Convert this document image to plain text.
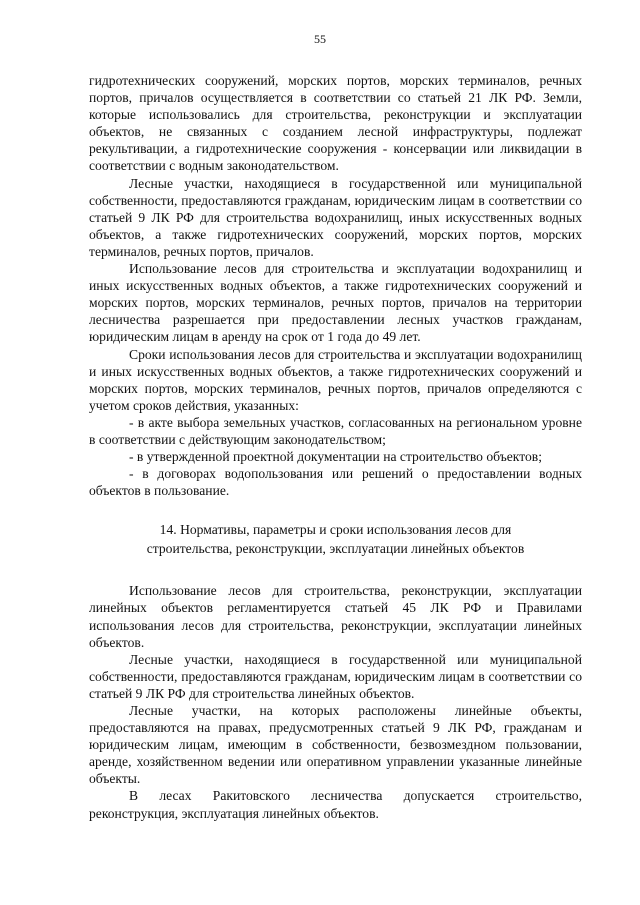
55

гидротехнических сооружений, морских портов, морских терминалов, речных портов, причалов осуществляется в соответствии со статьей 21 ЛК РФ. Земли, которые использовались для строительства, реконструкции и эксплуатации объектов, не связанных с созданием лесной инфраструктуры, подлежат рекультивации, а гидротехнические сооружения - консервации или ликвидации в соответствии с водным законодательством.

Лесные участки, находящиеся в государственной или муниципальной собственности, предоставляются гражданам, юридическим лицам в соответствии со статьей 9 ЛК РФ для строительства водохранилищ, иных искусственных водных объектов, а также гидротехнических сооружений, морских портов, морских терминалов, речных портов, причалов.

Использование лесов для строительства и эксплуатации водохранилищ и иных искусственных водных объектов, а также гидротехнических сооружений и морских портов, морских терминалов, речных портов, причалов на территории лесничества разрешается при предоставлении лесных участков гражданам, юридическим лицам в аренду на срок от 1 года до 49 лет.

Сроки использования лесов для строительства и эксплуатации водохранилищ и иных искусственных водных объектов, а также гидротехнических сооружений и морских портов, морских терминалов, речных портов, причалов определяются с учетом сроков действия, указанных:

- в акте выбора земельных участков, согласованных на региональном уровне в соответствии с действующим законодательством;

- в утвержденной проектной документации на строительство объектов;

- в договорах водопользования или решений о предоставлении водных объектов в пользование.

14. Нормативы, параметры и сроки использования лесов для
строительства, реконструкции, эксплуатации линейных объектов

Использование лесов для строительства, реконструкции, эксплуатации линейных объектов регламентируется статьей 45 ЛК РФ и Правилами использования лесов для строительства, реконструкции, эксплуатации линейных объектов.

Лесные участки, находящиеся в государственной или муниципальной собственности, предоставляются гражданам, юридическим лицам в соответствии со статьей 9 ЛК РФ для строительства линейных объектов.

Лесные участки, на которых расположены линейные объекты, предоставляются на правах, предусмотренных статьей 9 ЛК РФ, гражданам и юридическим лицам, имеющим в собственности, безвозмездном пользовании, аренде, хозяйственном ведении или оперативном управлении указанные линейные объекты.

В лесах Ракитовского лесничества допускается строительство, реконструкция, эксплуатация линейных объектов.
